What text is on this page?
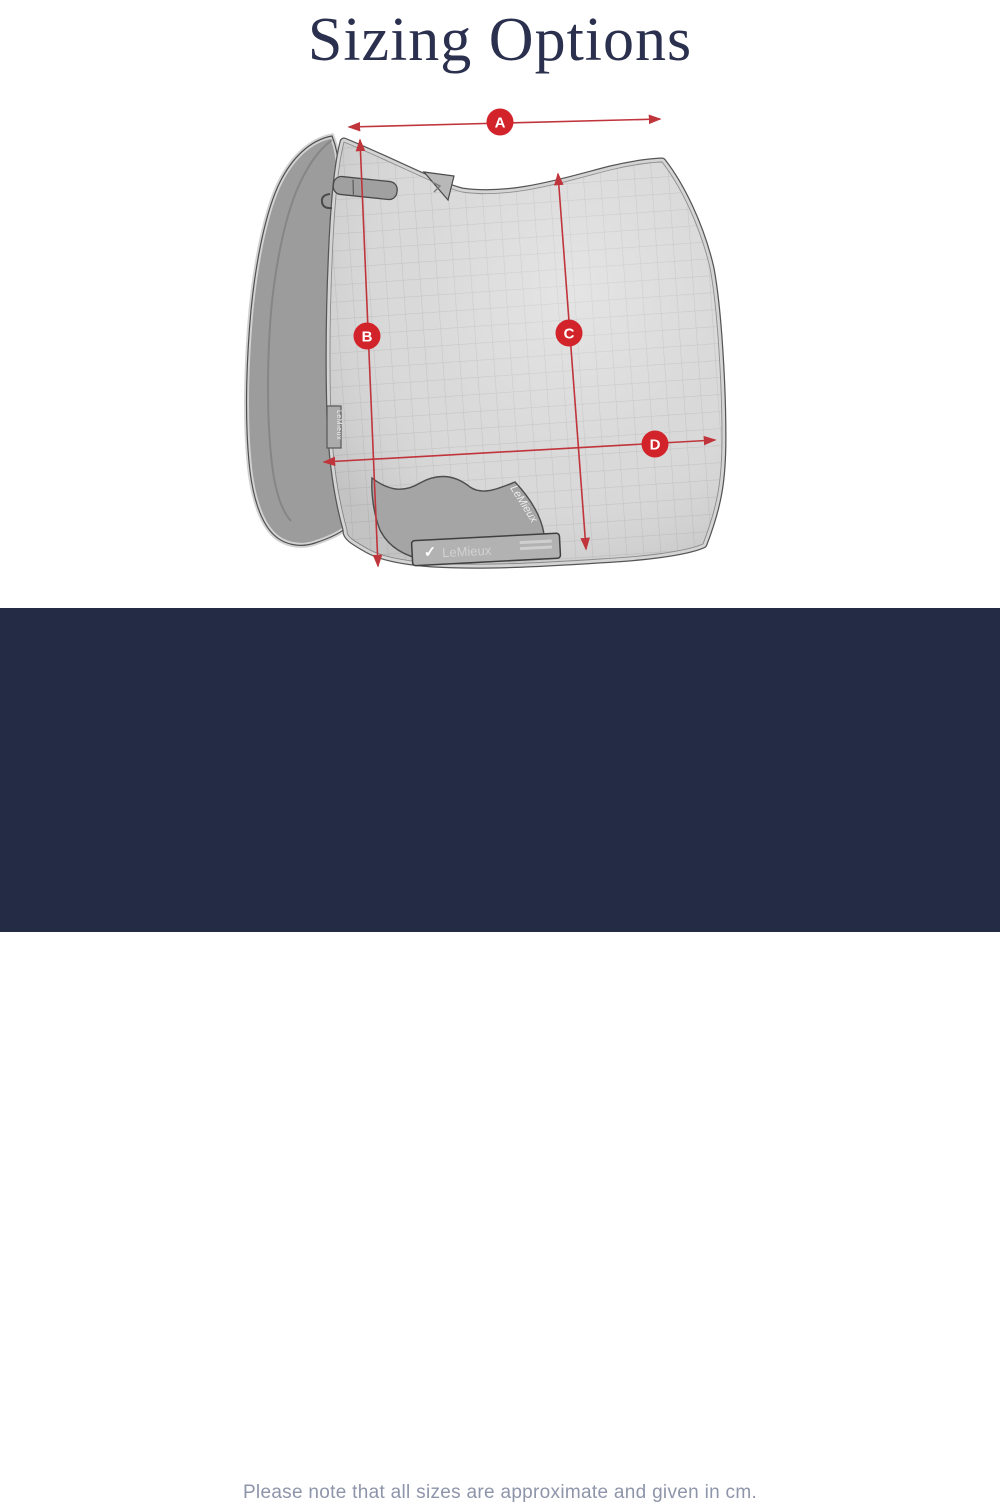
Sizing Options
LeMieux
LeMieux
✓ LeMieux
A
B	C
D
SIZE	HORSE SIZE	Saddle SIZE	A	B	C	D
S\M	13hh-14.2hh	Up to 16”	49cm	57cm	53cm	57cm
Large	14.3hh & over	16.5” & over	55cm	58cm	54cm	63cm
Please note that all sizes are approximate and given in cm.
